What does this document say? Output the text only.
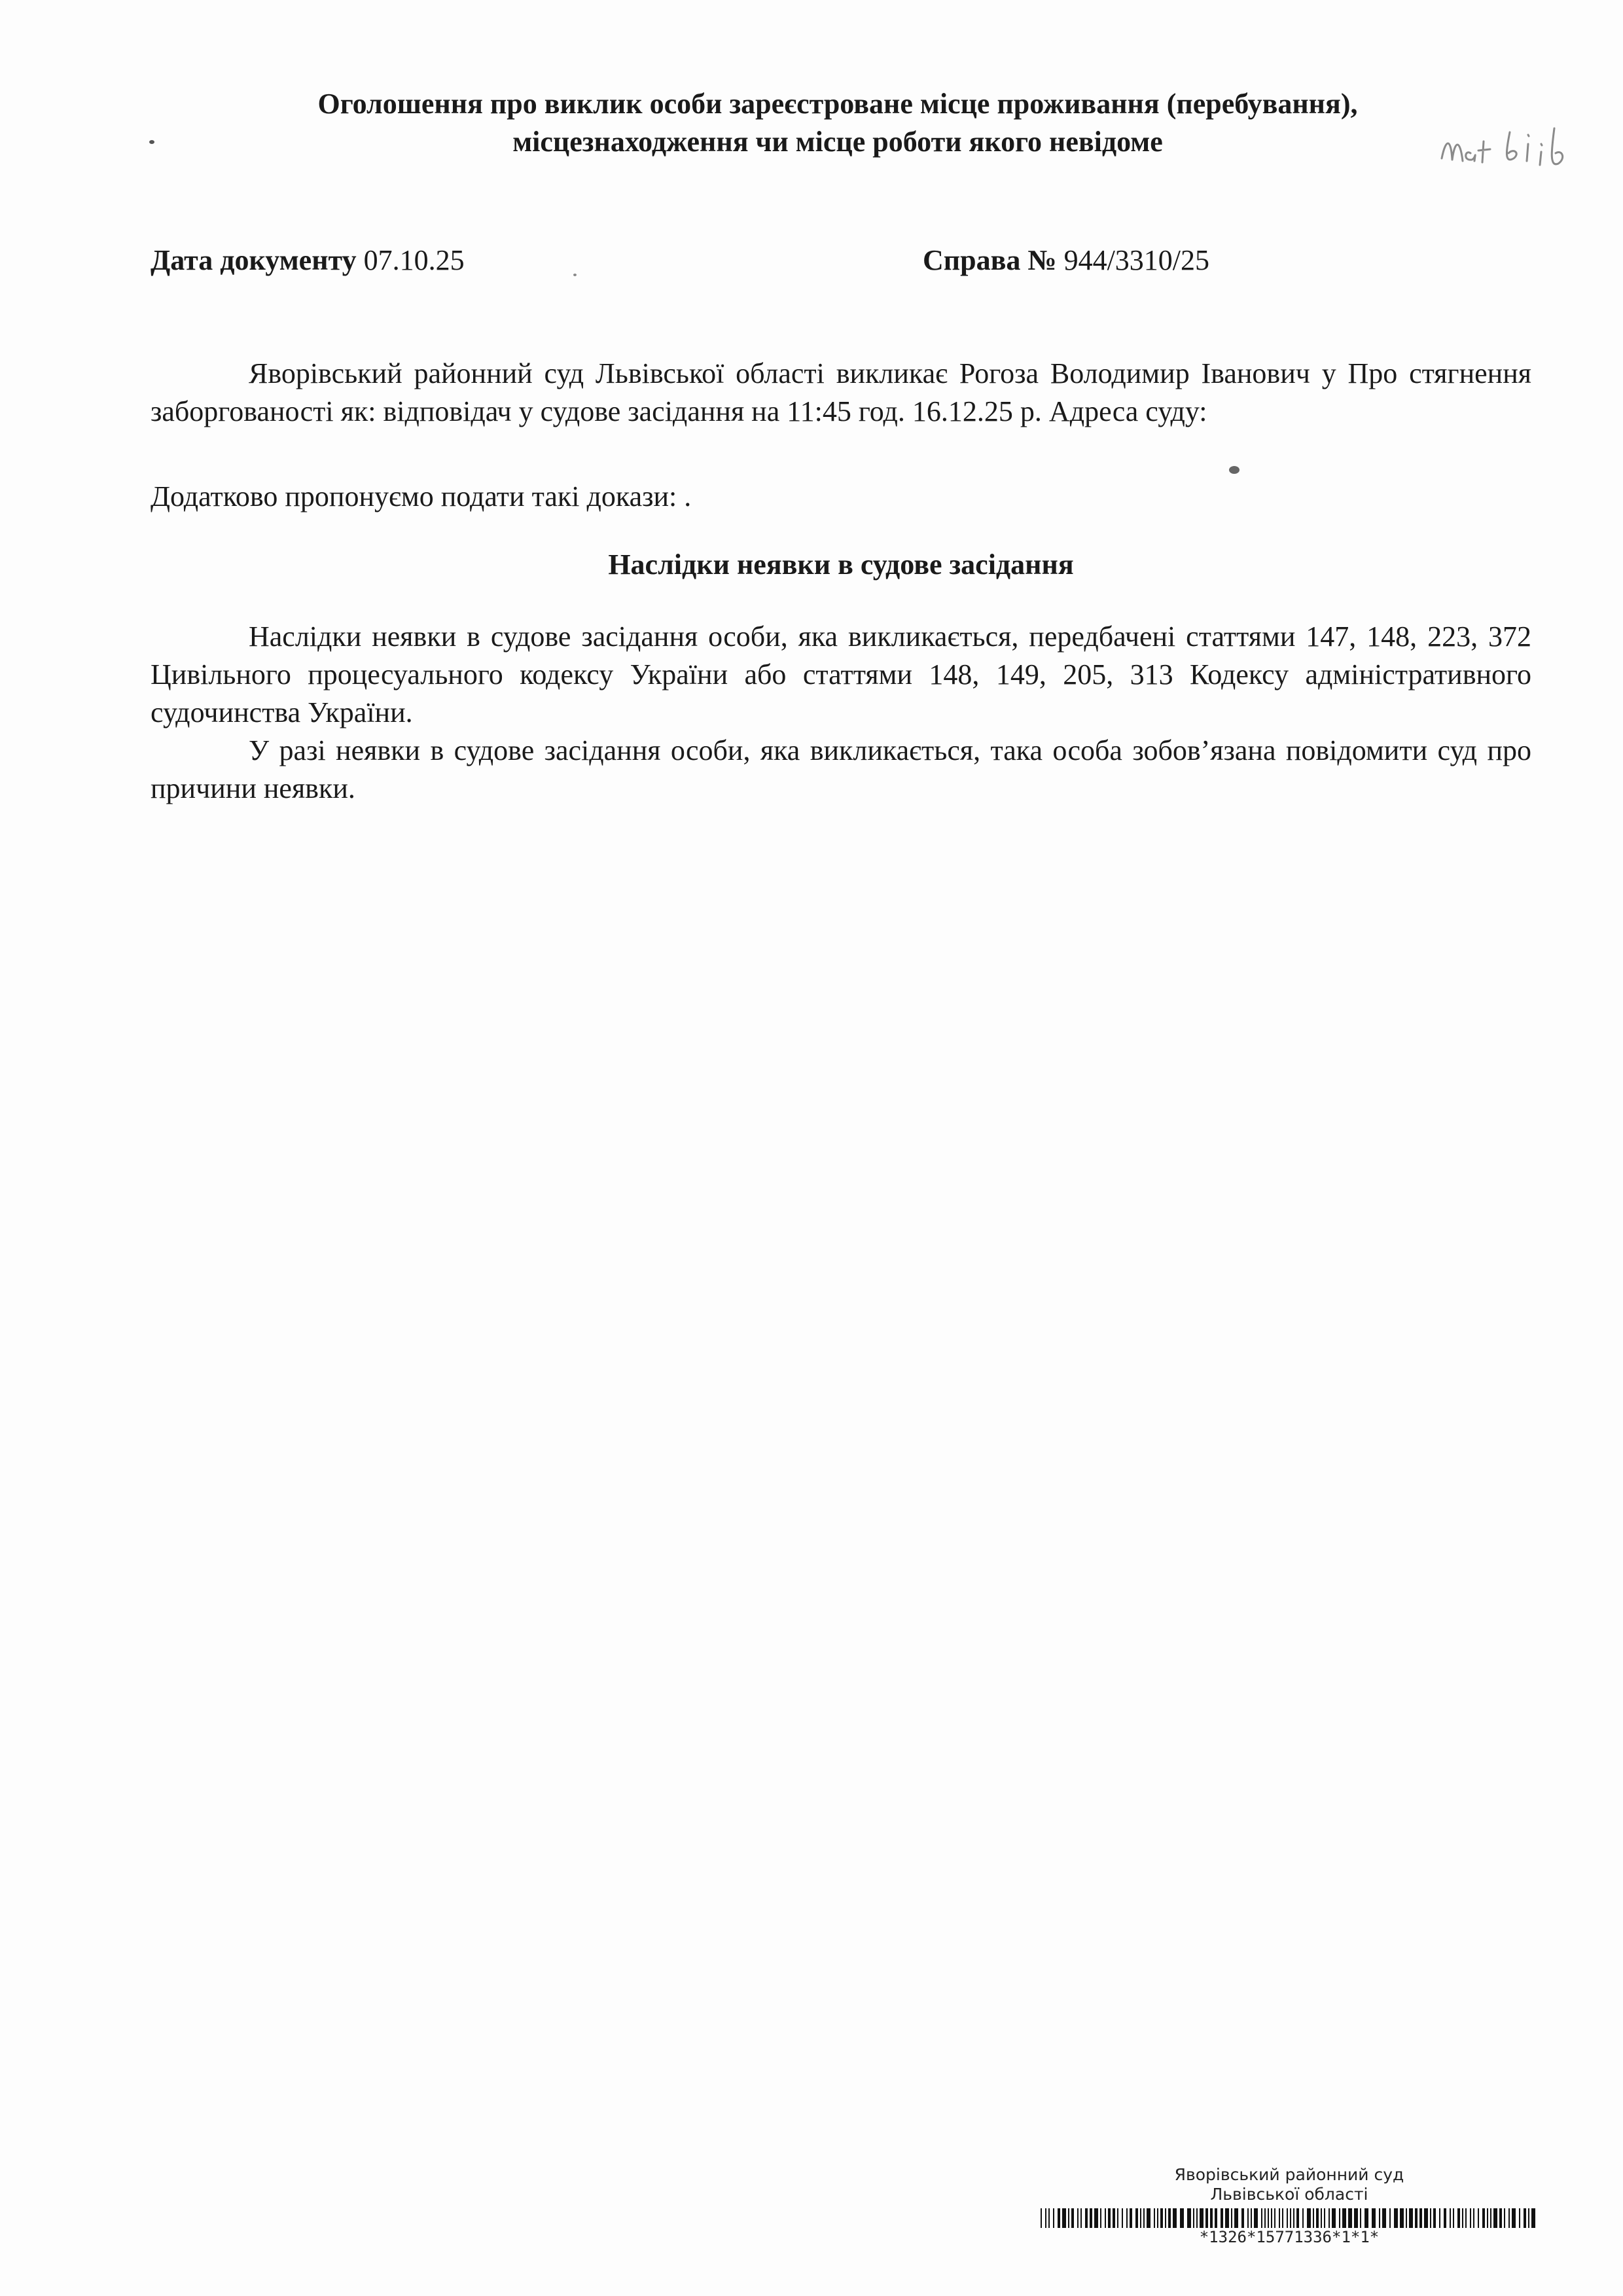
Оголошення про виклик особи зареєстроване місце проживання (перебування),
місцезнаходження чи місце роботи якого невідоме
Дата документу 07.10.25	Справа № 944/3310/25
Яворівський районний суд Львівської області викликає Рогоза Володимир Іванович у Про стягнення заборгованості як: відповідач у судове засідання на 11:45 год. 16.12.25 р. Адреса суду:
Додатково пропонуємо подати такі докази: .
Наслідки неявки в судове засідання
Наслідки неявки в судове засідання особи, яка викликається, передбачені статтями 147, 148, 223, 372 Цивільного процесуального кодексу України або статтями 148, 149, 205, 313 Кодексу адміністративного судочинства України.
У разі неявки в судове засідання особи, яка викликається, така особа зобов’язана повідомити суд про причини неявки.
Яворівський районний суд
Львівської області
*1326*15771336*1*1*
